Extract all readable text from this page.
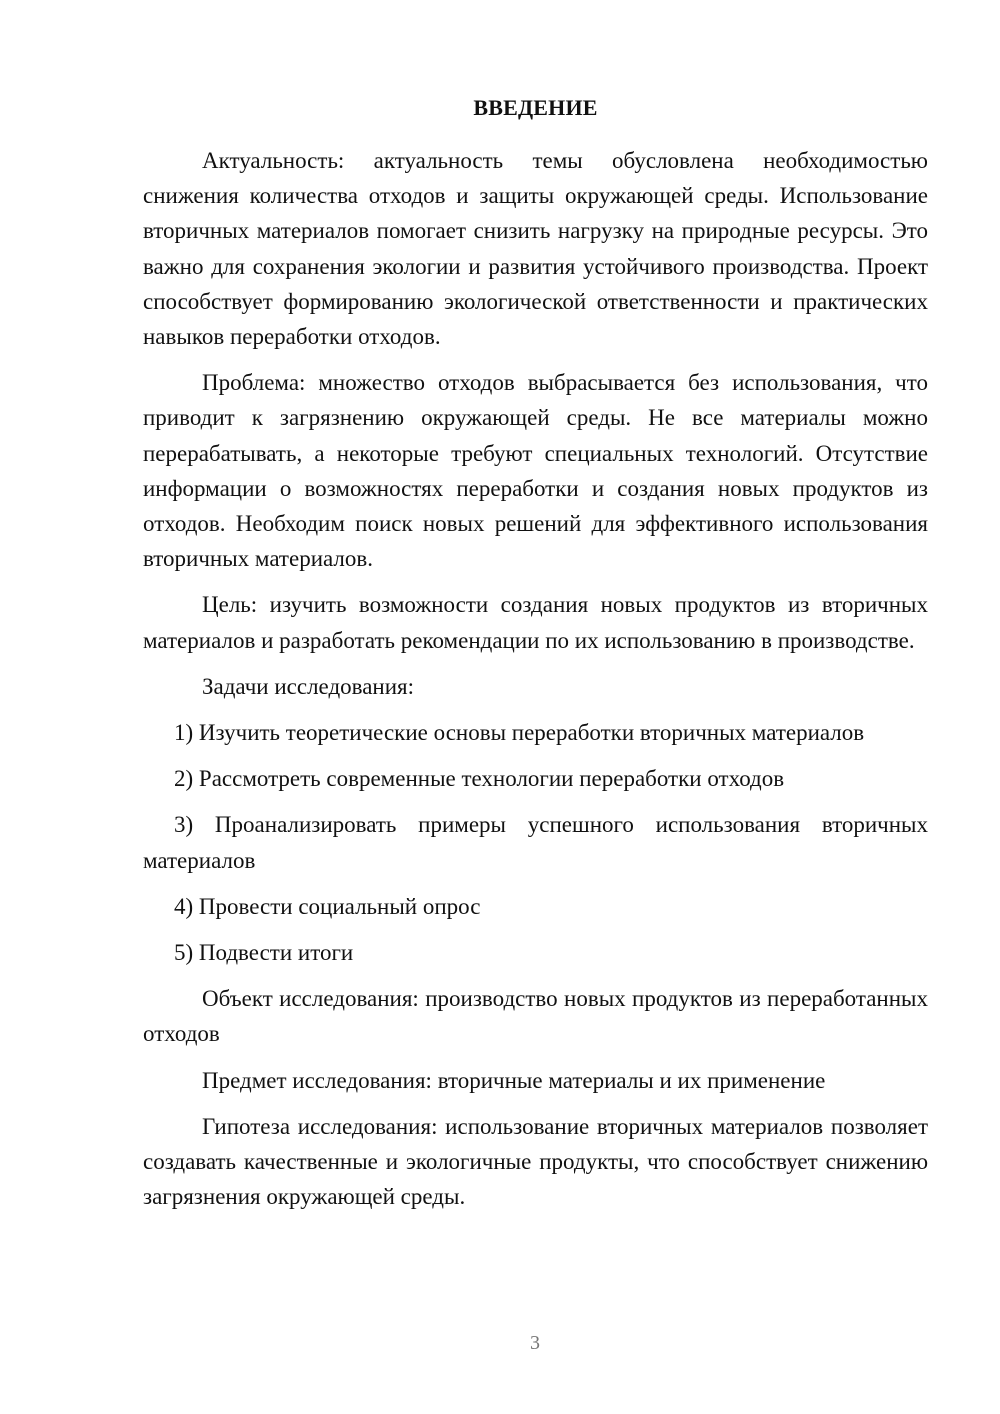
ВВЕДЕНИЕ

Актуальность: актуальность темы обусловлена необходимостью снижения количества отходов и защиты окружающей среды. Использование вторичных материалов помогает снизить нагрузку на природные ресурсы. Это важно для сохранения экологии и развития устойчивого производства. Проект способствует формированию экологической ответственности и практических навыков переработки отходов.

Проблема: множество отходов выбрасывается без использования, что приводит к загрязнению окружающей среды. Не все материалы можно перерабатывать, а некоторые требуют специальных технологий. Отсутствие информации о возможностях переработки и создания новых продуктов из отходов. Необходим поиск новых решений для эффективного использования вторичных материалов.

Цель: изучить возможности создания новых продуктов из вторичных материалов и разработать рекомендации по их использованию в производстве.

Задачи исследования:

1) Изучить теоретические основы переработки вторичных материалов

2) Рассмотреть современные технологии переработки отходов

3) Проанализировать примеры успешного использования вторичных материалов

4) Провести социальный опрос

5) Подвести итоги

Объект исследования: производство новых продуктов из переработанных отходов

Предмет исследования: вторичные материалы и их применение

Гипотеза исследования: использование вторичных материалов позволяет создавать качественные и экологичные продукты, что способствует снижению загрязнения окружающей среды.

3
